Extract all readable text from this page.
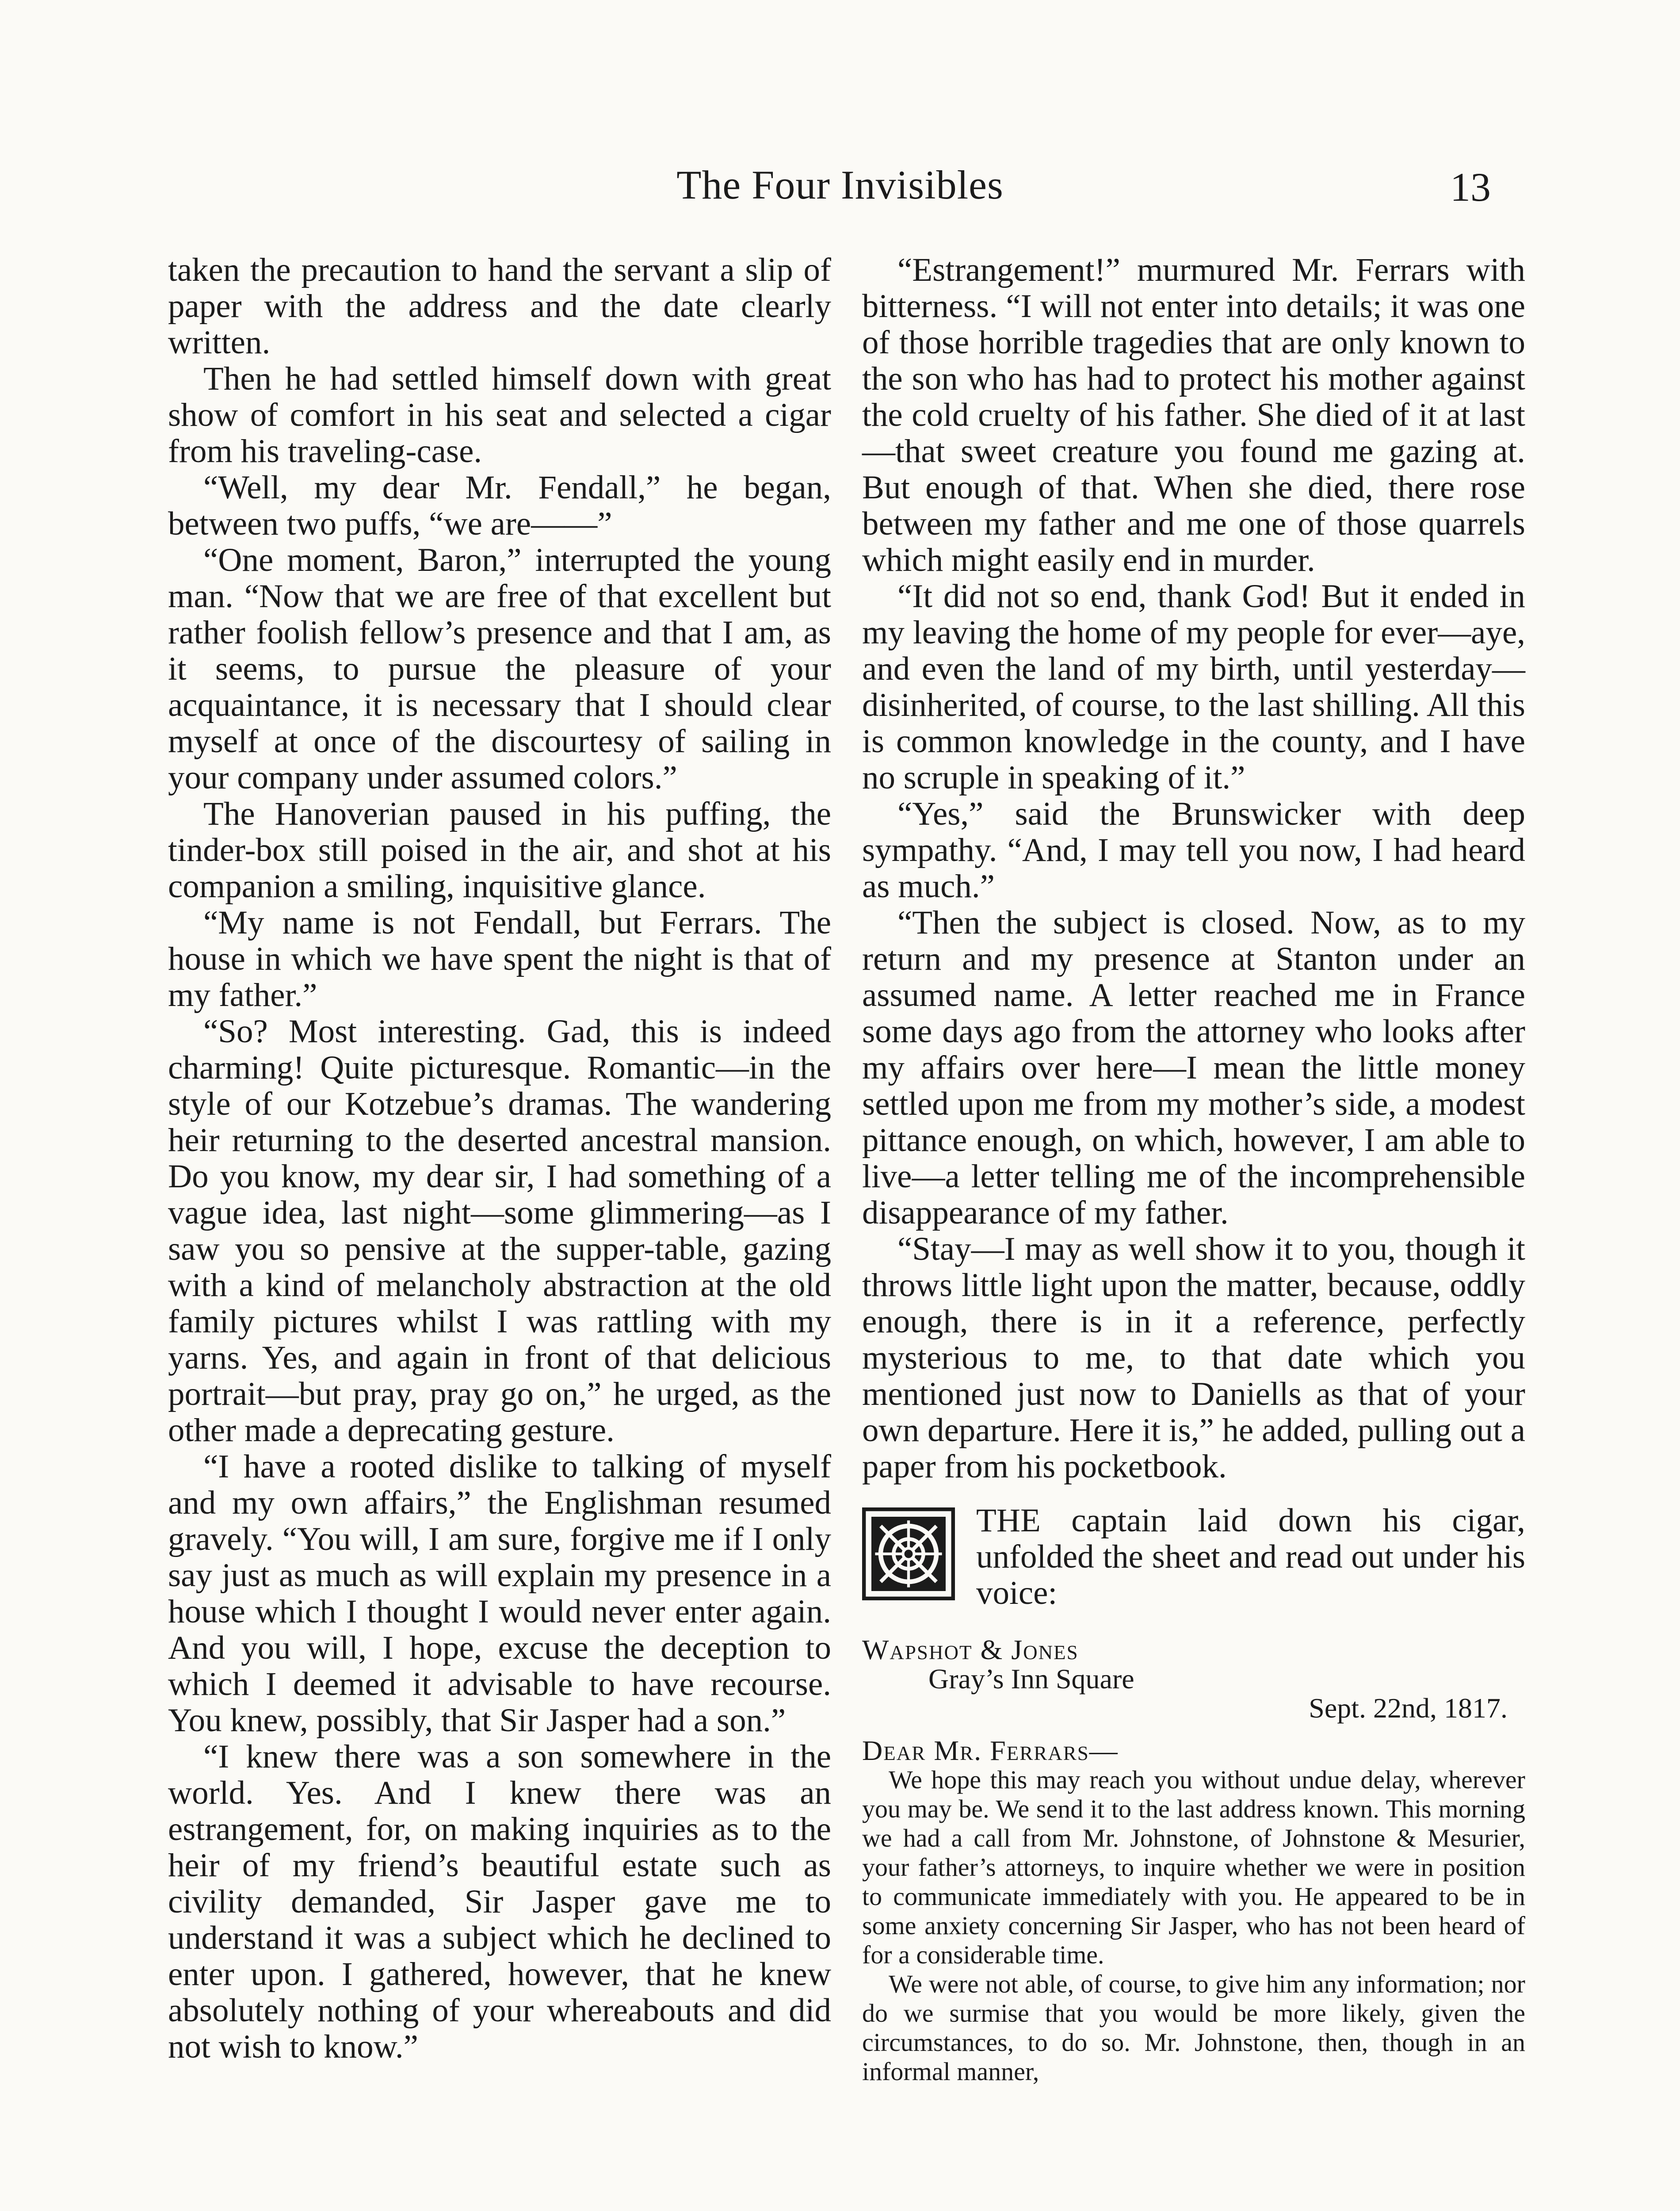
The Four Invisibles	13

taken the precaution to hand the servant a slip of paper with the address and the date clearly written.

Then he had settled himself down with great show of comfort in his seat and selected a cigar from his traveling-case.

“Well, my dear Mr. Fendall,” he began, between two puffs, “we are——”

“One moment, Baron,” interrupted the young man. “Now that we are free of that excellent but rather foolish fellow’s presence and that I am, as it seems, to pursue the pleasure of your acquaintance, it is necessary that I should clear myself at once of the discourtesy of sailing in your company under assumed colors.”

The Hanoverian paused in his puffing, the tinder-box still poised in the air, and shot at his companion a smiling, inquisitive glance.

“My name is not Fendall, but Ferrars. The house in which we have spent the night is that of my father.”

“So? Most interesting. Gad, this is indeed charming! Quite picturesque. Romantic—in the style of our Kotzebue’s dramas. The wandering heir returning to the deserted ancestral mansion. Do you know, my dear sir, I had something of a vague idea, last night—some glimmering—as I saw you so pensive at the supper-table, gazing with a kind of melancholy abstraction at the old family pictures whilst I was rattling with my yarns. Yes, and again in front of that delicious portrait—but pray, pray go on,” he urged, as the other made a deprecating gesture.

“I have a rooted dislike to talking of myself and my own affairs,” the Englishman resumed gravely. “You will, I am sure, forgive me if I only say just as much as will explain my presence in a house which I thought I would never enter again. And you will, I hope, excuse the deception to which I deemed it advisable to have recourse. You knew, possibly, that Sir Jasper had a son.”

“I knew there was a son somewhere in the world. Yes. And I knew there was an estrangement, for, on making inquiries as to the heir of my friend’s beautiful estate such as civility demanded, Sir Jasper gave me to understand it was a subject which he declined to enter upon. I gathered, however, that he knew absolutely nothing of your whereabouts and did not wish to know.”

“Estrangement!” murmured Mr. Ferrars with bitterness. “I will not enter into details; it was one of those horrible tragedies that are only known to the son who has had to protect his mother against the cold cruelty of his father. She died of it at last—that sweet creature you found me gazing at. But enough of that. When she died, there rose between my father and me one of those quarrels which might easily end in murder.

“It did not so end, thank God! But it ended in my leaving the home of my people for ever—aye, and even the land of my birth, until yesterday—disinherited, of course, to the last shilling. All this is common knowledge in the county, and I have no scruple in speaking of it.”

“Yes,” said the Brunswicker with deep sympathy. “And, I may tell you now, I had heard as much.”

“Then the subject is closed. Now, as to my return and my presence at Stanton under an assumed name. A letter reached me in France some days ago from the attorney who looks after my affairs over here—I mean the little money settled upon me from my mother’s side, a modest pittance enough, on which, however, I am able to live—a letter telling me of the incomprehensible disappearance of my father.

“Stay—I may as well show it to you, though it throws little light upon the matter, because, oddly enough, there is in it a reference, perfectly mysterious to me, to that date which you mentioned just now to Daniells as that of your own departure. Here it is,” he added, pulling out a paper from his pocketbook.

THE captain laid down his cigar, unfolded the sheet and read out under his voice:

Wapshot & Jones
Gray’s Inn Square
Sept. 22nd, 1817.
Dear Mr. Ferrars—

We hope this may reach you without undue delay, wherever you may be. We send it to the last address known. This morning we had a call from Mr. Johnstone, of Johnstone & Mesurier, your father’s attorneys, to inquire whether we were in position to communicate immediately with you. He appeared to be in some anxiety concerning Sir Jasper, who has not been heard of for a considerable time.

We were not able, of course, to give him any information; nor do we surmise that you would be more likely, given the circumstances, to do so. Mr. Johnstone, then, though in an informal manner,
